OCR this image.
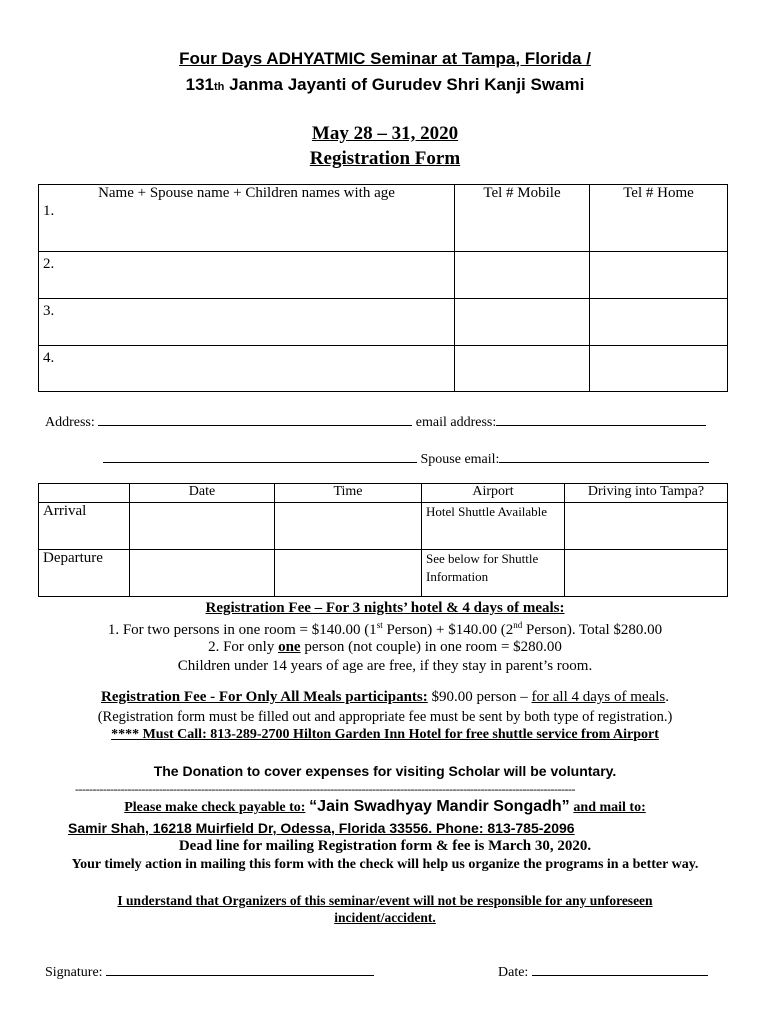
Four Days ADHYATMIC Seminar at Tampa, Florida /
131th Janma Jayanti of Gurudev Shri Kanji Swami
May 28 – 31, 2020
Registration Form
Name + Spouse name + Children names with age	Tel # Mobile	Tel # Home

1.		

2.		

3.		

4.		

Address:	email address:
Spouse email:
	Date	Time	Airport	Driving into Tampa?
Arrival			Hotel Shuttle Available	
Departure			See below for Shuttle Information	
Registration Fee – For 3 nights’ hotel & 4 days of meals:
1. For two persons in one room = $140.00 (1st Person) + $140.00 (2nd Person). Total $280.00
2. For only one person (not couple) in one room = $280.00
Children under 14 years of age are free, if they stay in parent’s room.
Registration Fee - For Only All Meals participants: $90.00 person – for all 4 days of meals.
(Registration form must be filled out and appropriate fee must be sent by both type of registration.)
**** Must Call: 813-289-2700 Hilton Garden Inn Hotel for free shuttle service from Airport
The Donation to cover expenses for visiting Scholar will be voluntary.
-----------------------------------------------------------------------------------------------------------------------------------------------
Please make check payable to: “Jain Swadhyay Mandir Songadh” and mail to:
Samir Shah, 16218 Muirfield Dr, Odessa, Florida 33556. Phone: 813-785-2096
Dead line for mailing Registration form & fee is March 30, 2020.
Your timely action in mailing this form with the check will help us organize the programs in a better way.
I understand that Organizers of this seminar/event will not be responsible for any unforeseen
incident/accident.
Signature:	Date:
